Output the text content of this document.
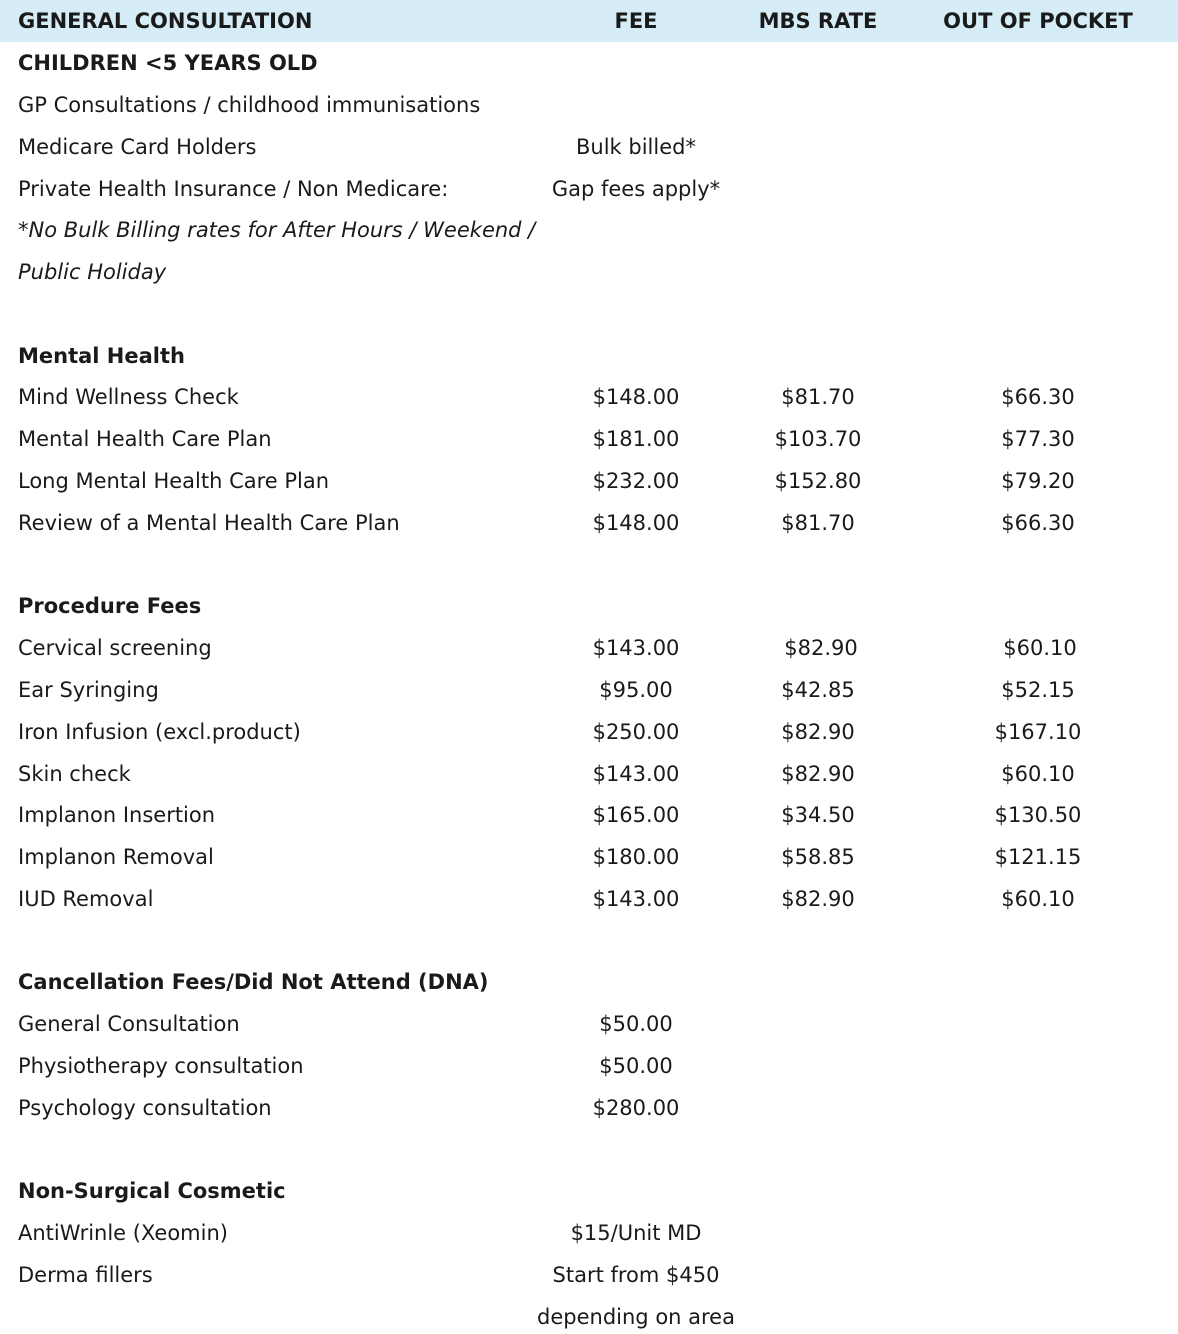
GENERAL CONSULTATION	FEE	MBS RATE	OUT OF POCKET
CHILDREN <5 YEARS OLD
GP Consultations / childhood immunisations
Medicare Card Holders	Bulk billed*
Private Health Insurance / Non Medicare:	Gap fees apply*
*No Bulk Billing rates for After Hours / Weekend /
Public Holiday
Mental Health
Mind Wellness Check	$148.00	$81.70	$66.30
Mental Health Care Plan	$181.00	$103.70	$77.30
Long Mental Health Care Plan	$232.00	$152.80	$79.20
Review of a Mental Health Care Plan	$148.00	$81.70	$66.30
Procedure Fees
Cervical screening	$143.00	$82.90	$60.10
Ear Syringing	$95.00	$42.85	$52.15
Iron Infusion (excl.product)	$250.00	$82.90	$167.10
Skin check	$143.00	$82.90	$60.10
Implanon Insertion	$165.00	$34.50	$130.50
Implanon Removal	$180.00	$58.85	$121.15
IUD Removal	$143.00	$82.90	$60.10
Cancellation Fees/Did Not Attend (DNA)
General Consultation	$50.00
Physiotherapy consultation	$50.00
Psychology consultation	$280.00
Non-Surgical Cosmetic
AntiWrinle (Xeomin)	$15/Unit MD
Derma fillers	Start from $450
depending on area
